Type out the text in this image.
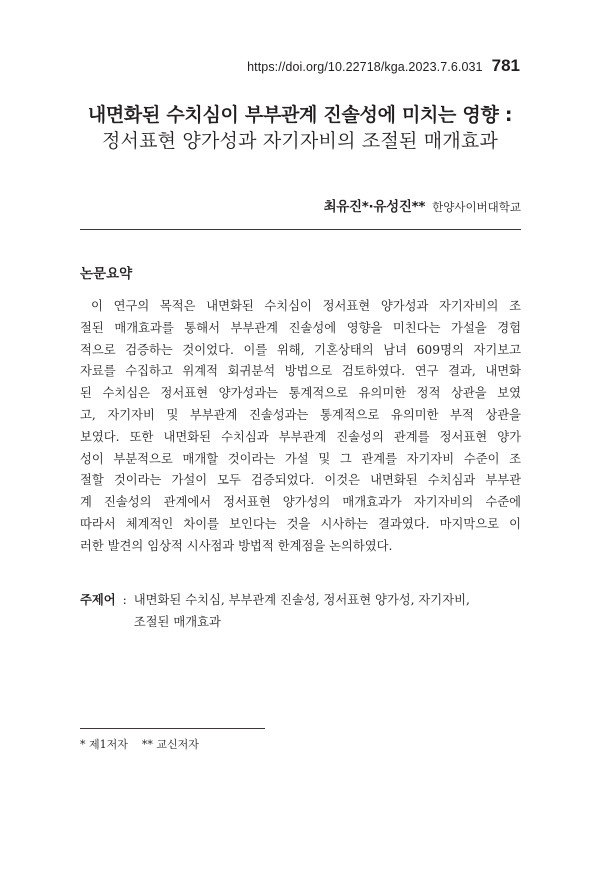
https://doi.org/10.22718/kga.2023.7.6.031 781
내면화된 수치심이 부부관계 진솔성에 미치는 영향 :
정서표현 양가성과 자기자비의 조절된 매개효과
최유진*·유성진** 한양사이버대학교
논문요약
이 연구의 목적은 내면화된 수치심이 정서표현 양가성과 자기자비의 조
절된 매개효과를 통해서 부부관계 진솔성에 영향을 미친다는 가설을 경험
적으로 검증하는 것이었다. 이를 위해, 기혼상태의 남녀 609명의 자기보고
자료를 수집하고 위계적 회귀분석 방법으로 검토하였다. 연구 결과, 내면화
된 수치심은 정서표현 양가성과는 통계적으로 유의미한 정적 상관을 보였
고, 자기자비 및 부부관계 진솔성과는 통계적으로 유의미한 부적 상관을
보였다. 또한 내면화된 수치심과 부부관계 진솔성의 관계를 정서표현 양가
성이 부분적으로 매개할 것이라는 가설 및 그 관계를 자기자비 수준이 조
절할 것이라는 가설이 모두 검증되었다. 이것은 내면화된 수치심과 부부관
계 진솔성의 관계에서 정서표현 양가성의 매개효과가 자기자비의 수준에
따라서 체계적인 차이를 보인다는 것을 시사하는 결과였다. 마지막으로 이
러한 발견의 임상적 시사점과 방법적 한계점을 논의하였다.
주제어 : 내면화된 수치심, 부부관계 진솔성, 정서표현 양가성, 자기자비,
조절된 매개효과
* 제1저자 ** 교신저자
